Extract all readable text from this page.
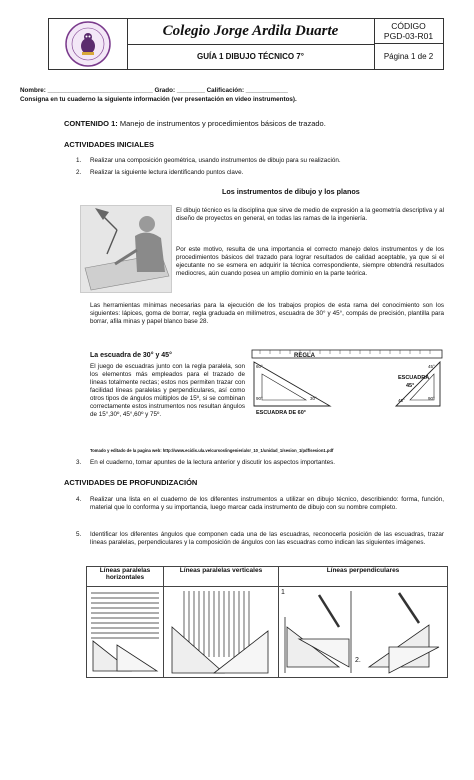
Colegio Jorge Ardila Duarte	CÓDIGO
PGD-03-R01
GUÍA 1 DIBUJO TÉCNICO 7°	Página 1 de 2
Nombre: ______________________________ Grado: ________ Calificación: ____________
Consigna en tu cuaderno la siguiente información (ver presentación en video instrumentos).
CONTENIDO 1: Manejo de instrumentos y procedimientos básicos de trazado.
ACTIVIDADES INICIALES
1. Realizar una composición geométrica, usando instrumentos de dibujo para su realización.
2. Realizar la siguiente lectura identificando puntos clave.
Los instrumentos de dibujo y los planos
El dibujo técnico es la disciplina que sirve de medio de expresión a la geometría descriptiva y al diseño de proyectos en general, en todas las ramas de la ingeniería.
Por este motivo, resulta de una importancia el correcto manejo delos instrumentos y de los procedimientos básicos del trazado para lograr resultados de calidad aceptable, ya que si el ejecutante no se esmera en adquirir la técnica correspondiente, siempre obtendrá resultados mediocres, aún cuando posea un amplio dominio en la parte teórica.
Las herramientas mínimas necesarias para la ejecución de los trabajos propios de esta rama del conocimiento son los siguientes: lápices, goma de borrar, regla graduada en milímetros, escuadra de 30° y 45°, compás de precisión, plantilla para borrar, afila minas y papel blanco base 28.
La escuadra de 30° y 45°
El juego de escuadras junto con la regla paralela, son los elementos más empleados para el trazado de líneas totalmente rectas; estos nos permiten trazar con facilidad líneas paralelas y perpendiculares, así como otros tipos de ángulos múltiplos de 15º, si se combinan correctamente estos instrumentos nos resultan ángulos de 15°,30º, 45°,60º y 75º.
REGLA
ESCUADRA
45°
ESCUADRA DE 60°
60°
30°
90°
45°
45°	90°
Tomado y editado de la pagina web: http://www.ecidis.ula.ve/cursos/ingenieria/sr_10_1/unidad_1/sesion_1/pdf/sesion1.pdf
3. En el cuaderno, tomar apuntes de la lectura anterior y discutir los aspectos importantes.
ACTIVIDADES DE PROFUNDIZACIÓN
4. Realizar una lista en el cuaderno de los diferentes instrumentos a utilizar en dibujo técnico, describiendo: forma, función, material que lo conforma y su importancia, luego marcar cada instrumento de dibujo con su nombre completo.
5. Identificar los diferentes ángulos que componen cada una de las escuadras, reconocerla posición de las escuadras, trazar líneas paralelas, perpendiculares y la composición de ángulos con las escuadras como indican las siguientes imágenes.
Líneas paralelas horizontales	Líneas paralelas verticales	Líneas perpendiculares

1
2.
